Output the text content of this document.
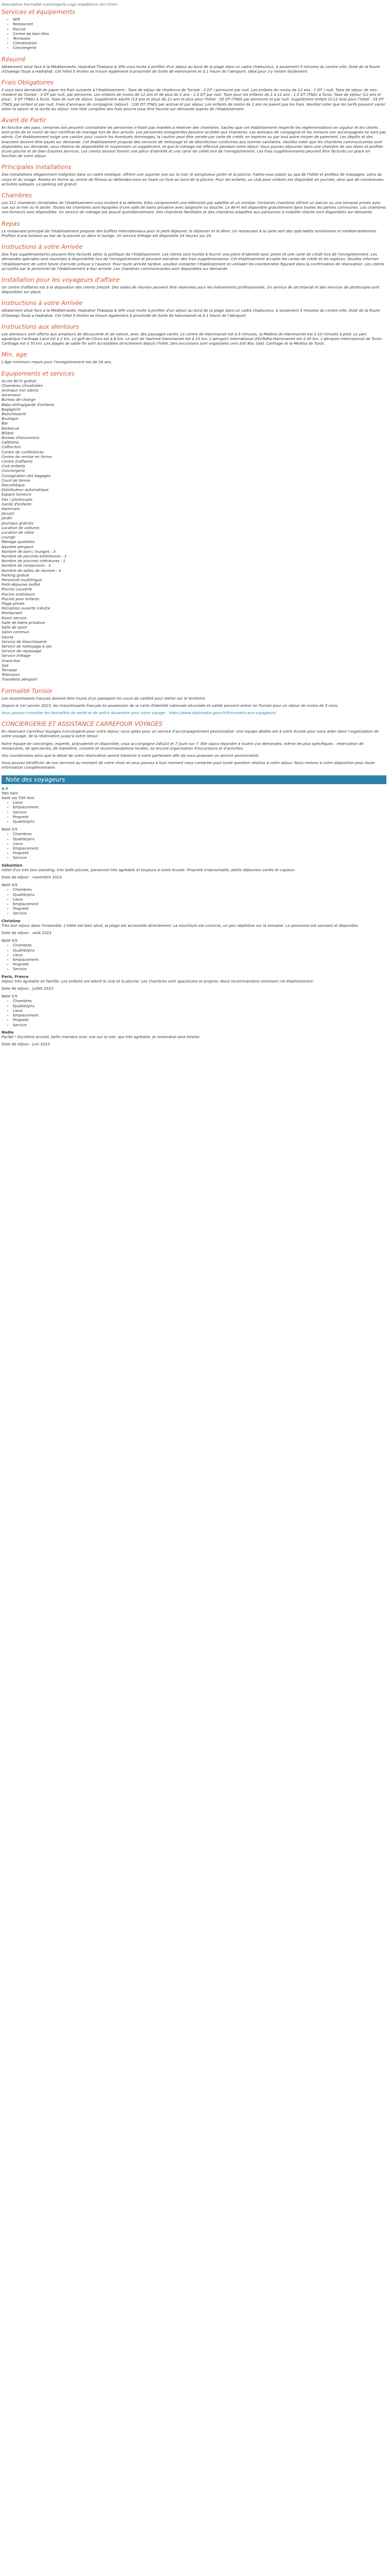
Description Formalité Conciergerie Logo Impatience Ain Chimi
Services et équipements
• Wifi
• Restaurant
• Piscine
• Centre de bien-être
• Terrasses
• Climatisation
• Conciergerie
Résumé

Idéalement situé face à la Méditerranée, Hadrahat Thalassa & SPA vous invite à profiter d'un séjour au bord de la plage dans un cadre chaleureux, à seulement 5 minutes du centre-ville. Doté de la Route d'Oswego Toula a Hadrahat. Cet hôtel 5 étoiles se trouve également à proximité de Sorte de Hammamet et à 1 heure de l'aéroport, idéal pour s'y rendre facilement.

Frais Obligatoires

Il vous sera demandé de payer les frais suivants à l'établissement : Taxe de séjour de résidence de Tunisie : 2 DT / personne par nuit. Les enfants de moins de 12 ans : 1 DT / nuit. Taxe de séjour de non-résident de Tunisie : 3 DT par nuit, par personne. Les enfants de moins de 12 ans et de plus de 2 ans : 1,5 DT par nuit. Taxe pour les enfants de 2 à 12 ans : 1,5 DT (TND) à Tunis. Taxe de séjour (12 ans et plus) : 3 DT (TND) à Tunis. Taxe de nuit de séjour. Supplément adulte (13 ans et plus) de 12 ans et plus pour l'hôtel : 50 DT (TND) par personne et par nuit. Supplément enfant (2-12 ans) pour l'hôtel : 25 DT (TND) par enfant et par nuit. Frais d'animaux de compagnie (séjour) : 100 DT (TND) par animal et par séjour. Les enfants de moins de 2 ans ne paient pas les frais. Veuillez noter que les tarifs peuvent varier selon la saison et la durée du séjour. Une liste complète des frais pourra vous être fournie sur demande auprès de l'établissement.

Avant de Partir

En fonction des pays, certaines lois peuvent contraindre les personnes n'étant pas mariées à réserver des chambres. Sachez que cet établissement respecte les réglementations en vigueur et les clients sont priés de se munir de leur certificat de mariage lors de leur arrivée. Les personnes enregistrées peuvent accéder aux chambres. Les animaux de compagnie et les mineurs non accompagnés ne sont pas admis. Cet établissement exige une caution pour couvrir les éventuels dommages, la caution peut être versée par carte de crédit, en espèces ou par tout autre moyen de paiement. Les dépôts et des bracelets doivent être payés sur demande. Cet établissement propose des services de nettoyage et de désinfection conformes aux normes sanitaires. Veuillez noter que les chambres communicantes sont disponibles sur demande, sous réserve de disponibilité et moyennant un supplément, et que le ménage est effectué pendant votre séjour. Vous pouvez séjourner dans une chambre de vos rêves et profiter d'une piscine et de bien d'autres services. Les clients doivent fournir une pièce d'identité et une carte de crédit lors de l'enregistrement. Les frais supplémentaires peuvent être facturés sur place en fonction de votre séjour.

Principales installations

Des installations élégamment intégrées dans un cadre exotique, offrent une superbe vue sur la mer, le somptueux jardin et la piscine. Faites-vous plaisir au spa de l'hôtel et profitez de massages, soins du corps et du visage. Restez en forme au centre de fitness ou détendez-vous en lisant un livre au bord de la piscine. Pour les enfants, un club pour enfants est disponible en journée, ainsi que de nombreuses activités ludiques. Le parking est gratuit.

Chambres

Les 211 chambres climatisées de l'établissement vous invitent à la détente. Elles comprennent une télévision par satellite et un minibar. Certaines chambres offrent un balcon ou une terrasse privée avec vue sur la mer ou le jardin. Toutes les chambres sont équipées d'une salle de bains privative avec baignoire ou douche. Le Wi-Fi est disponible gratuitement dans toutes les parties communes. Les chambres non-fumeurs sont disponibles. Un service de ménage est assuré quotidiennement. Des chambres familiales et des chambres adaptées aux personnes à mobilité réduite sont disponibles sur demande.

Repas

Le restaurant principal de l'établissement propose des buffets internationaux pour le petit-déjeuner, le déjeuner et le dîner. Un restaurant à la carte sert des spécialités tunisiennes et méditerranéennes. Profitez d'une boisson au bar de la piscine ou dans le lounge. Un service d'étage est disponible 24 heures sur 24.

Instructions à votre Arrivée

Des frais supplémentaires peuvent être facturés selon la politique de l'établissement. Les clients sont invités à fournir une pièce d'identité avec photo et une carte de crédit lors de l'enregistrement. Les demandes spéciales sont soumises à disponibilité lors de l'enregistrement et peuvent entraîner des frais supplémentaires. Cet établissement accepte les cartes de crédit et les espèces. Veuillez informer l'établissement de votre heure d'arrivée prévue à l'avance. Pour toute arrivée tardive, veuillez contacter l'établissement en utilisant les coordonnées figurant dans la confirmation de réservation. Les clients accueillis par le personnel de l'établissement à leur arrivée. Les chambres communicantes sont disponibles sur demande.

Installation pour les voyageurs d'affaire

Un centre d'affaires est à la disposition des clients 24h/24. Des salles de réunion peuvent être réservées pour les événements professionnels. Un service de secrétariat et des services de photocopie sont disponibles sur place.

Instructions à votre Arrivée

Idéalement situé face à la Méditerranée, Hadrahat Thalassa & SPA vous invite à profiter d'un séjour au bord de la plage dans un cadre chaleureux, à seulement 5 minutes du centre-ville. Doté de la Route d'Oswego Toula a Hadrahat. Cet hôtel 5 étoiles se trouve également à proximité de Sorte de Hammamet et à 1 heure de l'aéroport.

Instructions aux alentours

Les alentours sont offerts aux amateurs de découverte et de nature, avec des paysages variés. Le centre de Hammamet est à 5 minutes, la Médina de Hammamet est à 10 minutes à pied. Le parc aquatique Carthage Land est à 2 km. Le golf de Citrus est à 8 km. Le port de Yasmine Hammamet est à 15 km. L'aéroport international d'Enfidha-Hammamet est à 45 km. L'aéroport international de Tunis-Carthage est à 70 km. Les plages de sable fin sont accessibles directement depuis l'hôtel. Des excursions sont organisées vers Sidi Bou Saïd, Carthage et la Médina de Tunis.

Min. age

L'âge minimum requis pour l'enregistrement est de 18 ans.

Equipements et services
Accès Wi-Fi gratuit
Chambres climatisées
Animaux non admis
Ascenseur
Bureau de change
Baby-sitting/garde d'enfants
Bagagerie
Blanchisserie
Boutique
Bar
Barbecue
Billard
Bureau d'excursions
Cafétéria
Coffre-fort
Centre de conférences
Centre de remise en forme
Centre d'affaires
Club enfants
Conciergerie
Consignation des bagages
Court de tennis
Discothèque
Distributeur automatique
Espace fumeurs
Fax / photocopie
Garde d'enfants
Hammam
Jacuzzi
Jardin
Journaux gratuits
Location de voitures
Location de vélos
Lounge
Ménage quotidien
Navette aéroport
Nombre de bars / lounges : 3
Nombre de piscines extérieures : 1
Nombre de piscines intérieures : 1
Nombre de restaurants : 3
Nombre de salles de réunion : 4
Parking gratuit
Personnel multilingue
Petit-déjeuner buffet
Piscine couverte
Piscine extérieure
Piscine pour enfants
Plage privée
Réception ouverte 24h/24
Restaurant
Room service
Salle de bains privative
Salle de sport
Salon commun
Sauna
Service de blanchisserie
Service de nettoyage à sec
Service de repassage
Service d'étage
Snack-bar
Spa
Terrasse
Télévision
Transferts aéroport
Formalité Tunisie

Les ressortissants français doivent être munis d'un passeport en cours de validité pour entrer sur le territoire.

Depuis le 1er janvier 2015, les ressortissants français en possession de la carte d'identité nationale sécurisée et valide peuvent entrer en Tunisie pour un séjour de moins de 3 mois.

Vous pouvez consulter les formalités de santé et de police douanière pour votre voyage : https://www.diplomatie.gouv.fr/fr/conseils-aux-voyageurs/

CONCIERGERIE ET ASSISTANCE CARREFOUR VOYAGES

En réservant Carrefour Voyages Conciergerie pour votre séjour, vous optez pour un service d'accompagnement personnalisé. Une équipe dédiée est à votre écoute pour vous aider dans l'organisation de votre voyage, de la réservation jusqu'à votre retour.

Notre équipe de concierges, experte, polyvalente et disponible, vous accompagne 24h/24 et 7 jours sur 7. Elle saura répondre à toutes vos demandes, même les plus spécifiques : réservation de restaurants, de spectacles, de transferts, conseils et recommandations locales, ou encore organisation d'excursions et d'activités.

Vos coordonnées ainsi que le détail de votre réservation seront transmis à notre partenaire afin de vous proposer un service personnalisé.

Vous pouvez bénéficier de nos services au moment de votre choix et vous pouvez à tout moment nous contacter pour toute question relative à votre séjour. Nous restons à votre disposition pour toute information complémentaire.

Note des voyageurs
4.5
Très bien
basé sur 530 Avis
• Lieux
• Emplacement
• Service
• Propreté
• Qualité/prix
Noté 5/5
• Chambres
• Qualité/prix
• Lieux
• Emplacement
• Propreté
• Service
Sébastien

Hôtel d'un très bon standing, très belle piscine, personnel très agréable et toujours à notre écoute. Propreté irréprochable, petits déjeuners variés et copieux.

Date de séjour : novembre 2023
Noté 4/5
• Chambres
• Qualité/prix
• Lieux
• Emplacement
• Propreté
• Service
Christine

Très bon séjour dans l'ensemble. L'hôtel est bien situé, la plage est accessible directement. La nourriture est correcte, un peu répétitive sur la semaine. Le personnel est souriant et disponible.

Date de séjour : août 2023
Noté 5/5
• Chambres
• Qualité/prix
• Lieux
• Emplacement
• Propreté
• Service
Paris, France

Séjour très agréable en famille. Les enfants ont adoré le club et la piscine. Les chambres sont spacieuses et propres. Nous recommandons vivement cet établissement.

Date de séjour : juillet 2023
Noté 5/5
• Chambres
• Qualité/prix
• Lieux
• Emplacement
• Propreté
• Service
Nadia

Parfait ! Excellent accueil, belle chambre avec vue sur la mer, spa très agréable. Je reviendrai sans hésiter.

Date de séjour : juin 2023
